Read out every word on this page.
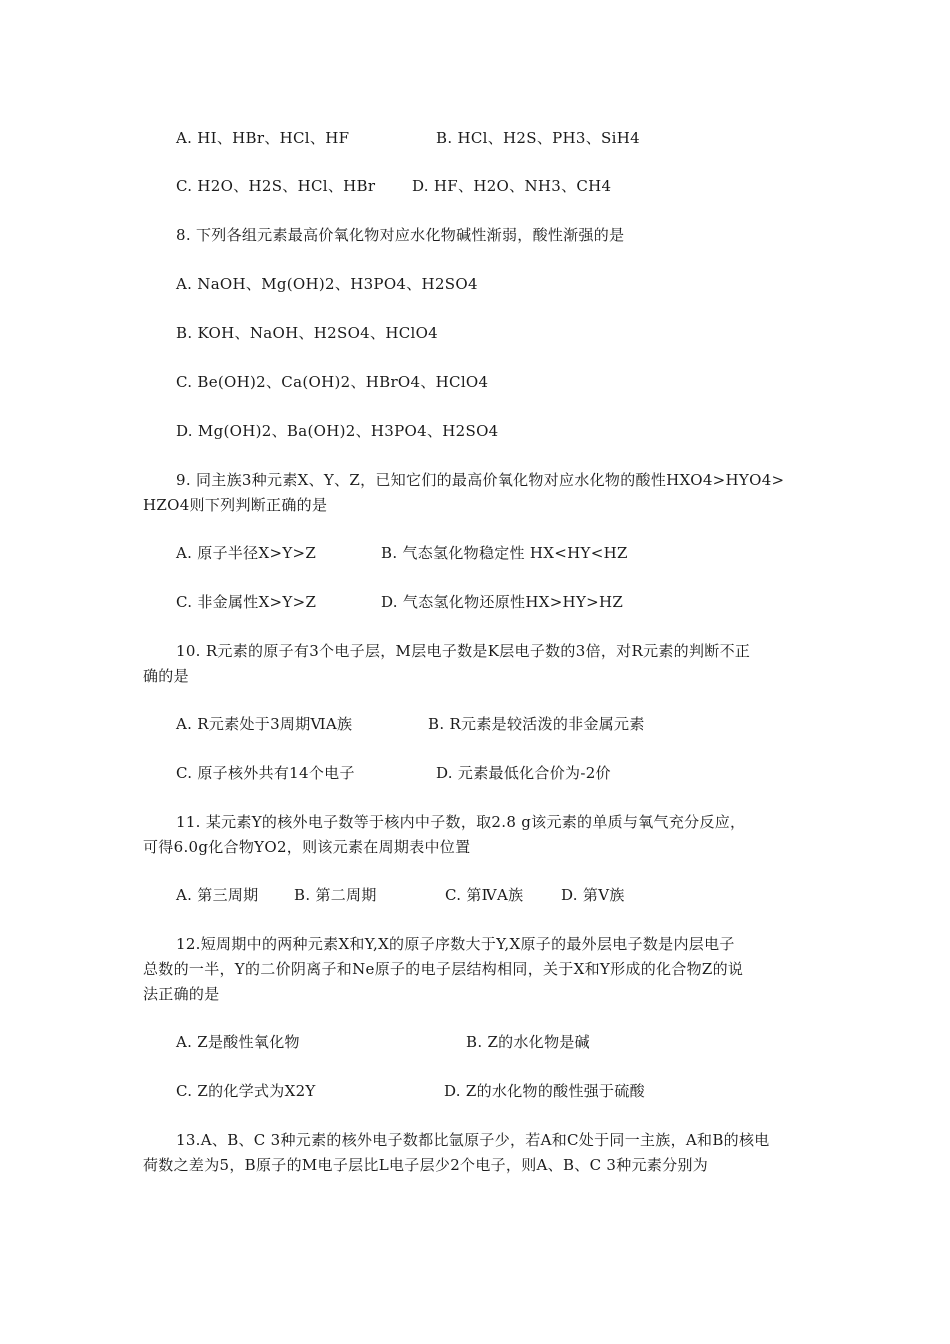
A. HI、HBr、HCl、HF	B. HCl、H2S、PH3、SiH4
C. H2O、H2S、HCl、HBr D. HF、H2O、NH3、CH4
8. 下列各组元素最高价氧化物对应水化物碱性渐弱，酸性渐强的是
A. NaOH、Mg(OH)2、H3PO4、H2SO4
B. KOH、NaOH、H2SO4、HClO4
C. Be(OH)2、Ca(OH)2、HBrO4、HClO4
D. Mg(OH)2、Ba(OH)2、H3PO4、H2SO4
9. 同主族3种元素X、Y、Z，已知它们的最高价氧化物对应水化物的酸性HXO4>HYO4>
HZO4则下列判断正确的是
A. 原子半径X>Y>Z	B. 气态氢化物稳定性 HX<HY<HZ
C. 非金属性X>Y>Z	D. 气态氢化物还原性HX>HY>HZ
10. R元素的原子有3个电子层，M层电子数是K层电子数的3倍，对R元素的判断不正
确的是
A. R元素处于3周期ⅥA族	B. R元素是较活泼的非金属元素
C. 原子核外共有14个电子	D. 元素最低化合价为-2价
11. 某元素Y的核外电子数等于核内中子数，取2.8 g该元素的单质与氧气充分反应，
可得6.0g化合物YO2，则该元素在周期表中位置
A. 第三周期 B. 第二周期	C. 第ⅣA族	D. 第Ⅴ族
12.短周期中的两种元素X和Y,X的原子序数大于Y,X原子的最外层电子数是内层电子
总数的一半，Y的二价阴离子和Ne原子的电子层结构相同，关于X和Y形成的化合物Z的说
法正确的是
A. Z是酸性氧化物	B. Z的水化物是碱
C. Z的化学式为X2Y	D. Z的水化物的酸性强于硫酸
13.A、B、C 3种元素的核外电子数都比氩原子少，若A和C处于同一主族，A和B的核电
荷数之差为5，B原子的M电子层比L电子层少2个电子，则A、B、C 3种元素分别为
